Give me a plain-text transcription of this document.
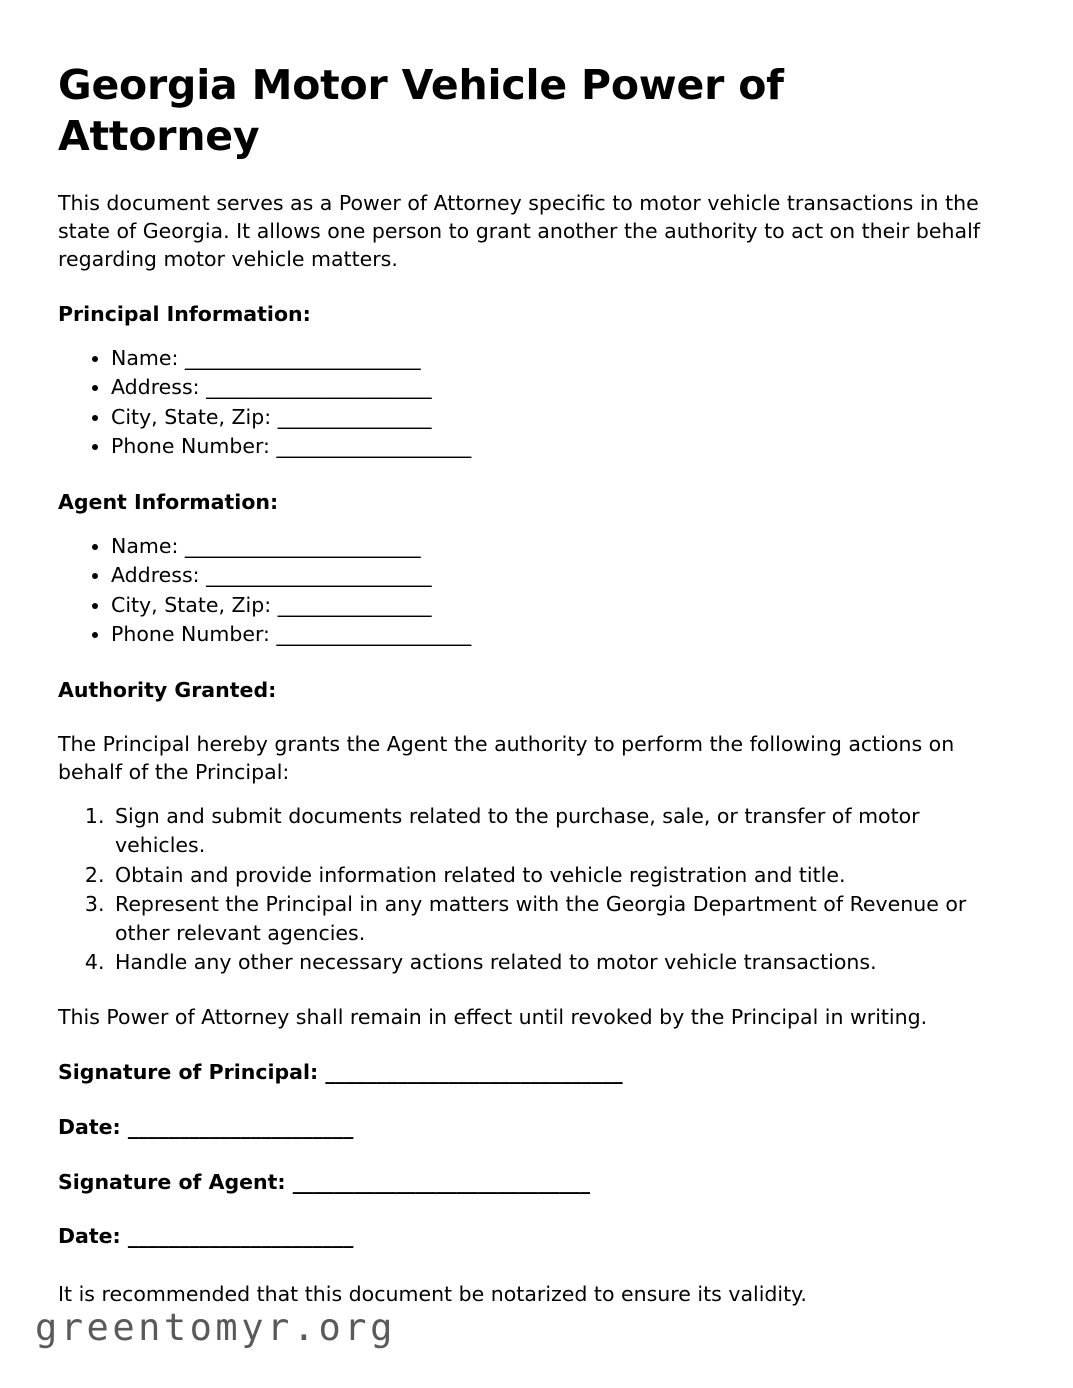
Georgia Motor Vehicle Power of Attorney

This document serves as a Power of Attorney specific to motor vehicle transactions in the state of Georgia. It allows one person to grant another the authority to act on their behalf regarding motor vehicle matters.

Principal Information:
• Name: _______________________
• Address: ______________________
• City, State, Zip: _______________
• Phone Number: ___________________
Agent Information:
• Name: _______________________
• Address: ______________________
• City, State, Zip: _______________
• Phone Number: ___________________
Authority Granted:

The Principal hereby grants the Agent the authority to perform the following actions on behalf of the Principal:

1. Sign and submit documents related to the purchase, sale, or transfer of motor vehicles.
2. Obtain and provide information related to vehicle registration and title.
3. Represent the Principal in any matters with the Georgia Department of Revenue or other relevant agencies.
4. Handle any other necessary actions related to motor vehicle transactions.

This Power of Attorney shall remain in effect until revoked by the Principal in writing.

Signature of Principal: _____________________________

Date: ______________________

Signature of Agent: _____________________________

Date: ______________________

It is recommended that this document be notarized to ensure its validity.

greentomyr.org
